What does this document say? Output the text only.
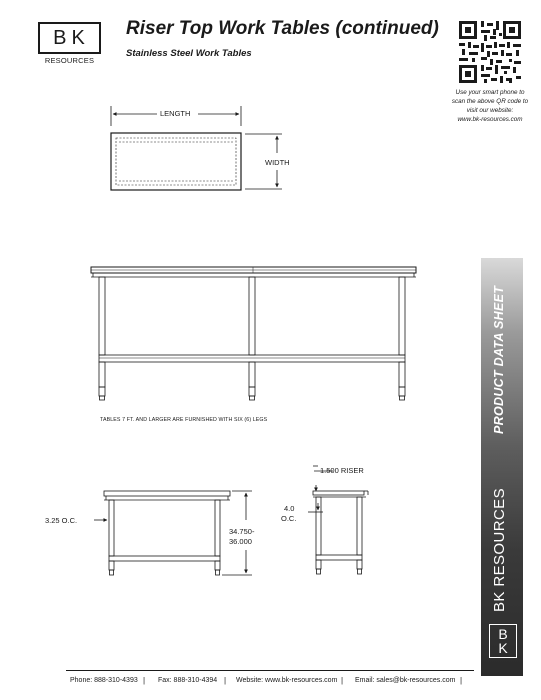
BK
RESOURCES
Riser Top Work Tables (continued)
Stainless Steel Work Tables
Use your smart phone to
scan the above QR code to
visit our website:
www.bk-resources.com
PRODUCT DATA SHEET
BK RESOURCES
B
K
LENGTH
WIDTH
TABLES 7 FT. AND LARGER ARE FURNISHED WITH SIX (6) LEGS
3.25 O.C.
34.750-
36.000
1.500 RISER
4.0
O.C.
Phone: 888-310-4393 | Fax: 888-310-4394 | Website: www.bk-resources.com | Email: sales@bk-resources.com |
